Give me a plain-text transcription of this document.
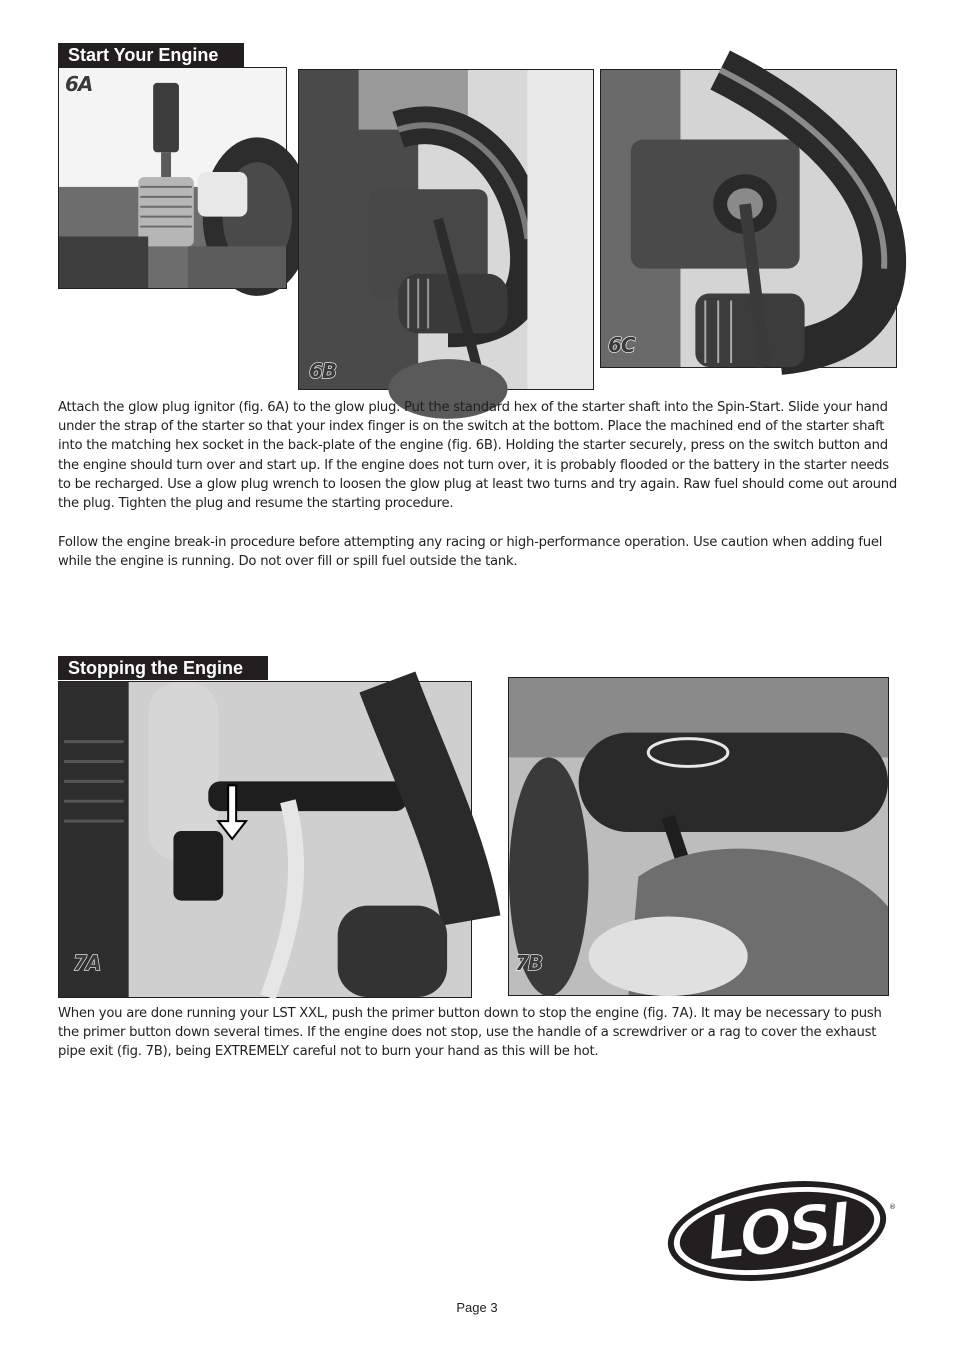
Start Your Engine
6A
6B
6C
Attach the glow plug ignitor (fig. 6A) to the glow plug. Put the standard hex of the starter shaft into the Spin-Start. Slide your hand under the strap of the starter so that your index finger is on the switch at the bottom. Place the machined end of the starter shaft into the matching hex socket in the back-plate of the engine (fig. 6B). Holding the starter securely, press on the switch button and the engine should turn over and start up. If the engine does not turn over, it is probably flooded or the battery in the starter needs to be recharged. Use a glow plug wrench to loosen the glow plug at least two turns and try again. Raw fuel should come out around the plug. Tighten the plug and resume the starting procedure.
Follow the engine break-in procedure before attempting any racing or high-performance operation. Use caution when adding fuel while the engine is running. Do not over fill or spill fuel outside the tank.
Stopping the Engine
7A	7B
When you are done running your LST XXL, push the primer button down to stop the engine (fig. 7A). It may be necessary to push the primer button down several times. If the engine does not stop, use the handle of a screwdriver or a rag to cover the exhaust pipe exit (fig. 7B), being EXTREMELY careful not to burn your hand as this will be hot.
LOSI	®
Page 3
